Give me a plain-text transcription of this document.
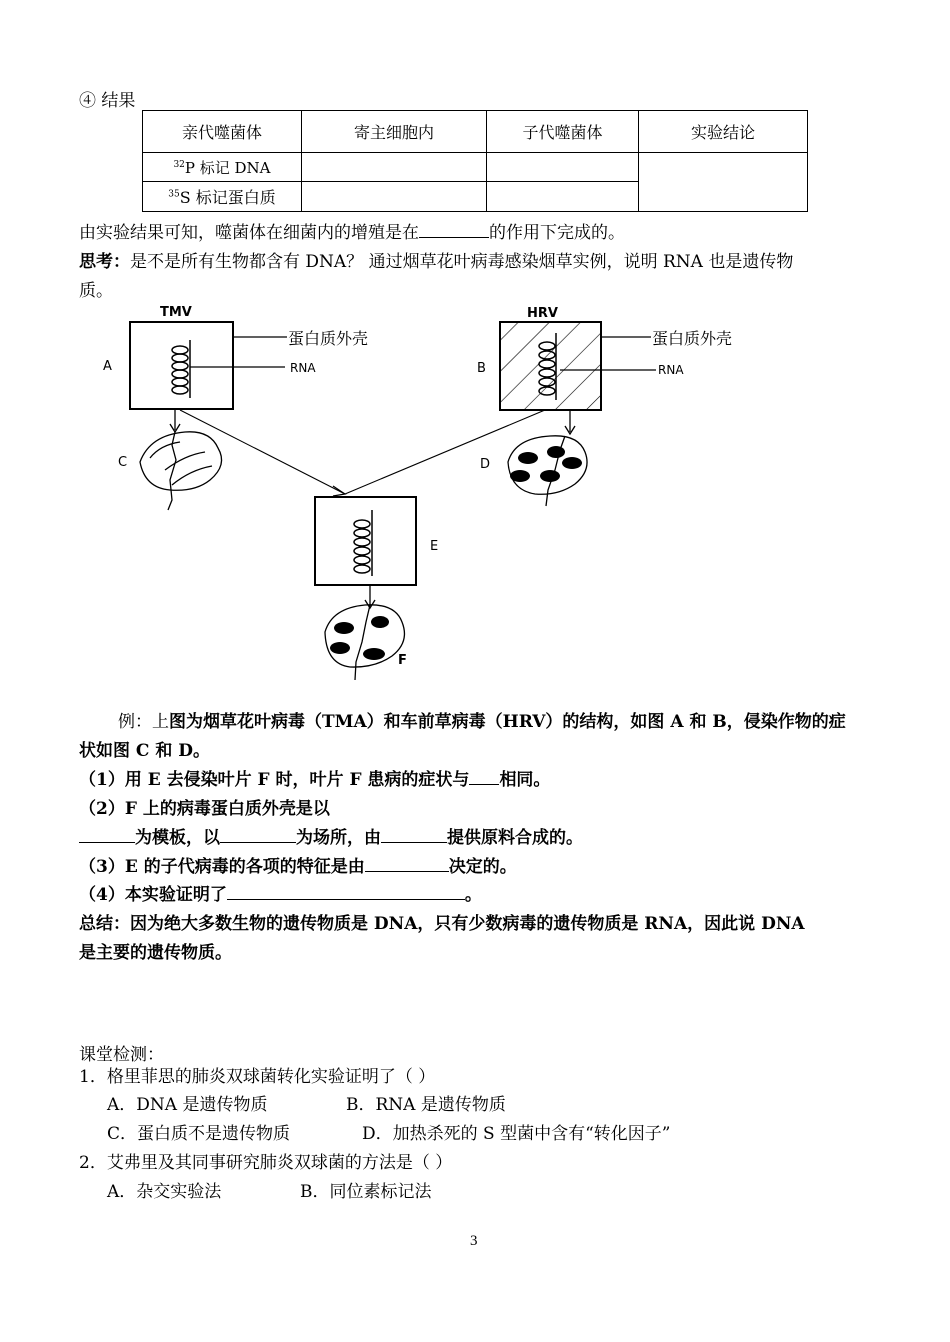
④ 结果
亲代噬菌体	寄主细胞内	子代噬菌体	实验结论
$^{32}$P 标记 DNA			
$^{35}$S 标记蛋白质			
由实验结果可知，噬菌体在细菌内的增殖是在	的作用下完成的。
思考：是不是所有生物都含有 DNA？ 通过烟草花叶病毒感染烟草实例，说明 RNA 也是遗传物
质。
TMV
蛋白质外壳
RNA
A
HRV
蛋白质外壳
RNA
B
C	D
E
F
例：上图为烟草花叶病毒（TMA）和车前草病毒（HRV）的结构，如图 A 和 B，侵染作物的症
状如图 C 和 D。
（1）用 E 去侵染叶片 F 时，叶片 F 患病的症状与 相同。
（2）F 上的病毒蛋白质外壳是以
为模板，以	为场所，由	提供原料合成的。
（3）E 的子代病毒的各项的特征是由	决定的。
（4）本实验证明了	。
总结：因为绝大多数生物的遗传物质是 DNA，只有少数病毒的遗传物质是 RNA，因此说 DNA
是主要的遗传物质。
课堂检测：
1．格里菲思的肺炎双球菌转化实验证明了（ ）
A．DNA 是遗传物质	B．RNA 是遗传物质
C．蛋白质不是遗传物质	D．加热杀死的 S 型菌中含有“转化因子”
2．艾弗里及其同事研究肺炎双球菌的方法是（ ）
A．杂交实验法	B．同位素标记法
3
